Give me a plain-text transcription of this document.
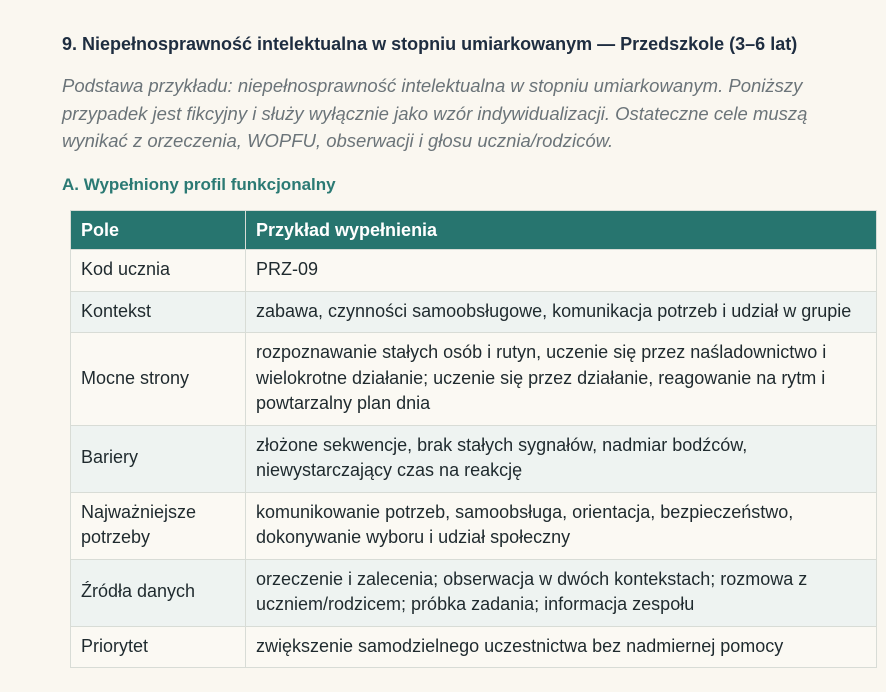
9. Niepełnosprawność intelektualna w stopniu umiarkowanym — Przedszkole (3–6 lat)

Podstawa przykładu: niepełnosprawność intelektualna w stopniu umiarkowanym. Poniższy przypadek jest fikcyjny i służy wyłącznie jako wzór indywidualizacji. Ostateczne cele muszą wynikać z orzeczenia, WOPFU, obserwacji i głosu ucznia/rodziców.

A. Wypełniony profil funkcjonalny
Pole	Przykład wypełnienia
Kod ucznia	PRZ-09
Kontekst	zabawa, czynności samoobsługowe, komunikacja potrzeb i udział w grupie
Mocne strony	rozpoznawanie stałych osób i rutyn, uczenie się przez naśladownictwo i wielokrotne działanie; uczenie się przez działanie, reagowanie na rytm i powtarzalny plan dnia
Bariery	złożone sekwencje, brak stałych sygnałów, nadmiar bodźców, niewystarczający czas na reakcję
Najważniejsze potrzeby	komunikowanie potrzeb, samoobsługa, orientacja, bezpieczeństwo, dokonywanie wyboru i udział społeczny
Źródła danych	orzeczenie i zalecenia; obserwacja w dwóch kontekstach; rozmowa z uczniem/rodzicem; próbka zadania; informacja zespołu
Priorytet	zwiększenie samodzielnego uczestnictwa bez nadmiernej pomocy
